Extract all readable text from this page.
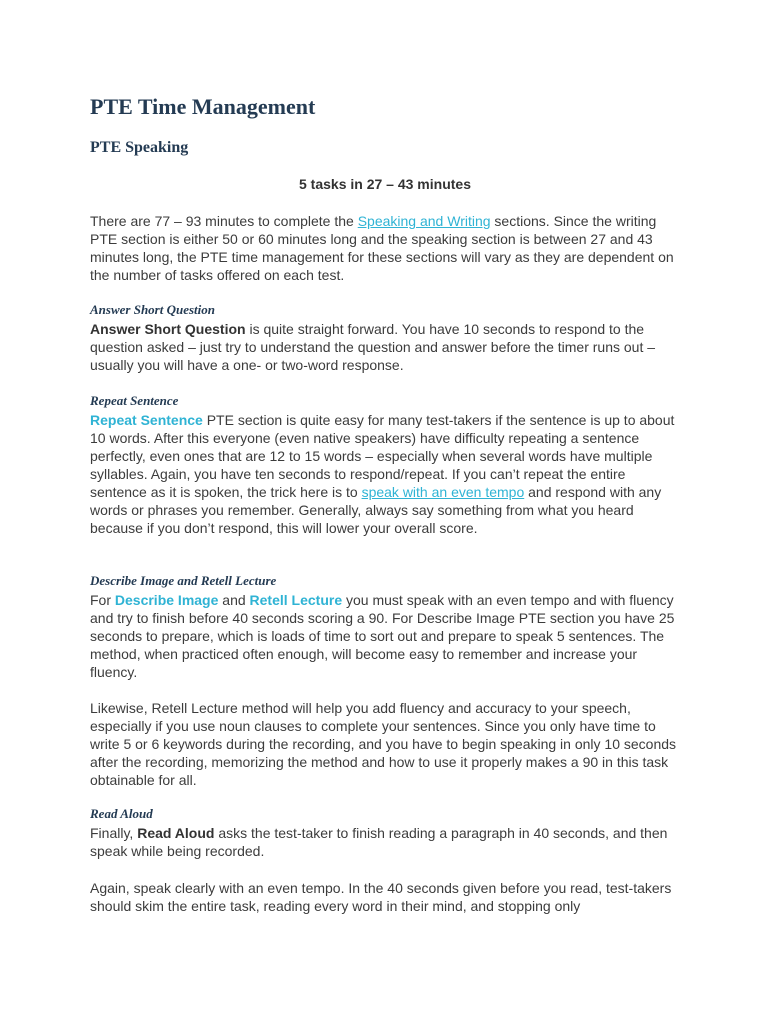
PTE Time Management
PTE Speaking
5 tasks in 27 – 43 minutes

There are 77 – 93 minutes to complete the Speaking and Writing sections. Since the writing PTE section is either 50 or 60 minutes long and the speaking section is between 27 and 43 minutes long, the PTE time management for these sections will vary as they are dependent on the number of tasks offered on each test.

Answer Short Question

Answer Short Question is quite straight forward. You have 10 seconds to respond to the question asked – just try to understand the question and answer before the timer runs out – usually you will have a one- or two-word response.

Repeat Sentence

Repeat Sentence PTE section is quite easy for many test-takers if the sentence is up to about 10 words. After this everyone (even native speakers) have difficulty repeating a sentence perfectly, even ones that are 12 to 15 words – especially when several words have multiple syllables. Again, you have ten seconds to respond/repeat. If you can’t repeat the entire sentence as it is spoken, the trick here is to speak with an even tempo and respond with any words or phrases you remember. Generally, always say something from what you heard because if you don’t respond, this will lower your overall score.

Describe Image and Retell Lecture

For Describe Image and Retell Lecture you must speak with an even tempo and with fluency and try to finish before 40 seconds scoring a 90. For Describe Image PTE section you have 25 seconds to prepare, which is loads of time to sort out and prepare to speak 5 sentences. The method, when practiced often enough, will become easy to remember and increase your fluency.

Likewise, Retell Lecture method will help you add fluency and accuracy to your speech, especially if you use noun clauses to complete your sentences. Since you only have time to write 5 or 6 keywords during the recording, and you have to begin speaking in only 10 seconds after the recording, memorizing the method and how to use it properly makes a 90 in this task obtainable for all.

Read Aloud

Finally, Read Aloud asks the test-taker to finish reading a paragraph in 40 seconds, and then speak while being recorded.

Again, speak clearly with an even tempo. In the 40 seconds given before you read, test-takers should skim the entire task, reading every word in their mind, and stopping only
